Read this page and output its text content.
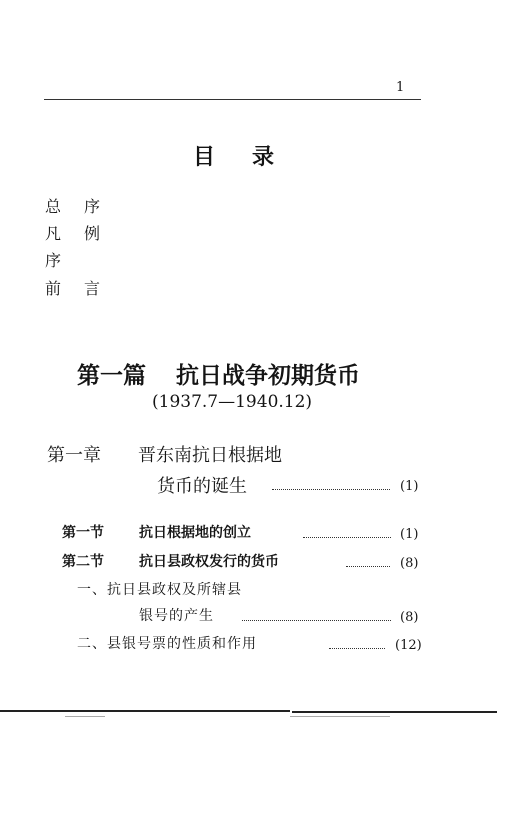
1
目 录
总 序
凡 例
序
前 言
第一篇 抗日战争初期货币
(1937.7—1940.12)
第一章 晋东南抗日根据地
货币的诞生	(1)
第一节	抗日根据地的创立	(1)
第二节	抗日县政权发行的货币	(8)
一、抗日县政权及所辖县
银号的产生	(8)
二、县银号票的性质和作用	(12)
